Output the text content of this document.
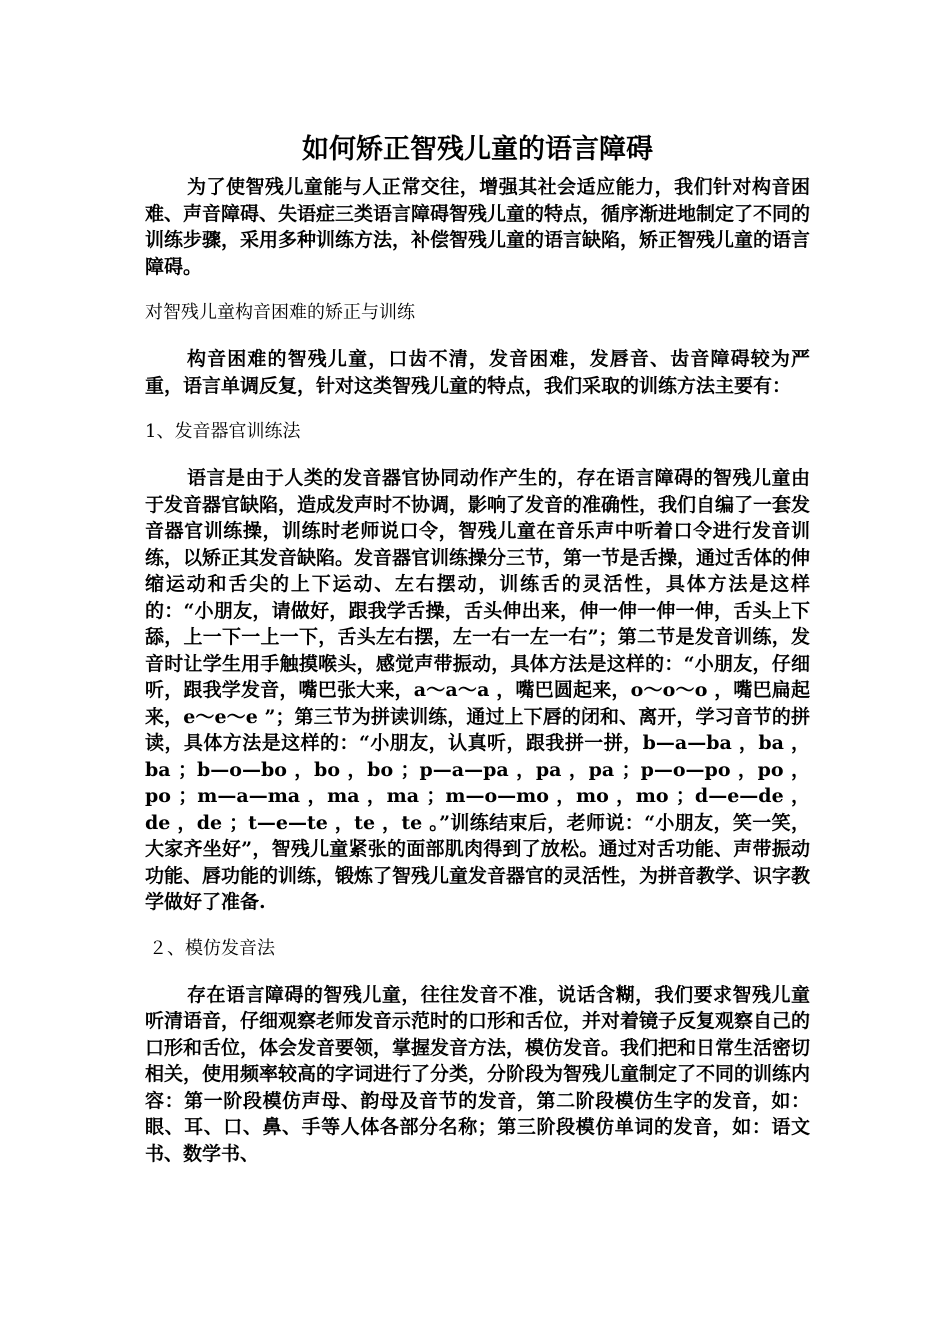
如何矫正智残儿童的语言障碍

为了使智残儿童能与人正常交往，增强其社会适应能力，我们针对构音困难、声音障碍、失语症三类语言障碍智残儿童的特点，循序渐进地制定了不同的训练步骤，采用多种训练方法，补偿智残儿童的语言缺陷，矫正智残儿童的语言障碍。

对智残儿童构音困难的矫正与训练

构音困难的智残儿童，口齿不清，发音困难，发唇音、齿音障碍较为严重，语言单调反复，针对这类智残儿童的特点，我们采取的训练方法主要有：

1、发音器官训练法

语言是由于人类的发音器官协同动作产生的，存在语言障碍的智残儿童由于发音器官缺陷，造成发声时不协调，影响了发音的准确性，我们自编了一套发音器官训练操，训练时老师说口令，智残儿童在音乐声中听着口令进行发音训练，以矫正其发音缺陷。发音器官训练操分三节，第一节是舌操，通过舌体的伸缩运动和舌尖的上下运动、左右摆动，训练舌的灵活性，具体方法是这样的：“小朋友，请做好，跟我学舌操，舌头伸出来，伸一伸一伸一伸，舌头上下舔，上一下一上一下，舌头左右摆，左一右一左一右”；第二节是发音训练，发音时让学生用手触摸喉头，感觉声带振动，具体方法是这样的：“小朋友，仔细听，跟我学发音，嘴巴张大来，a～a～a ，嘴巴圆起来，o～o～o ，嘴巴扁起来，e～e～e ”；第三节为拼读训练，通过上下唇的闭和、离开，学习音节的拼读，具体方法是这样的：“小朋友，认真听，跟我拼一拼，b—a—ba ，ba ，ba ；b—o—bo ，bo ，bo ；p—a—pa ，pa ，pa ；p—o—po ，po ，po ；m—a—ma ，ma ，ma ；m—o—mo ，mo ，mo ；d—e—de ，de ，de ；t—e—te ，te ，te 。”训练结束后，老师说：“小朋友，笑一笑，大家齐坐好”，智残儿童紧张的面部肌肉得到了放松。通过对舌功能、声带振动功能、唇功能的训练，锻炼了智残儿童发音器官的灵活性，为拼音教学、识字教学做好了准备.

２、模仿发音法

存在语言障碍的智残儿童，往往发音不准，说话含糊，我们要求智残儿童听清语音，仔细观察老师发音示范时的口形和舌位，并对着镜子反复观察自己的口形和舌位，体会发音要领，掌握发音方法，模仿发音。我们把和日常生活密切相关，使用频率较高的字词进行了分类，分阶段为智残儿童制定了不同的训练内容：第一阶段模仿声母、韵母及音节的发音，第二阶段模仿生字的发音，如：眼、耳、口、鼻、手等人体各部分名称；第三阶段模仿单词的发音，如：语文书、数学书、
